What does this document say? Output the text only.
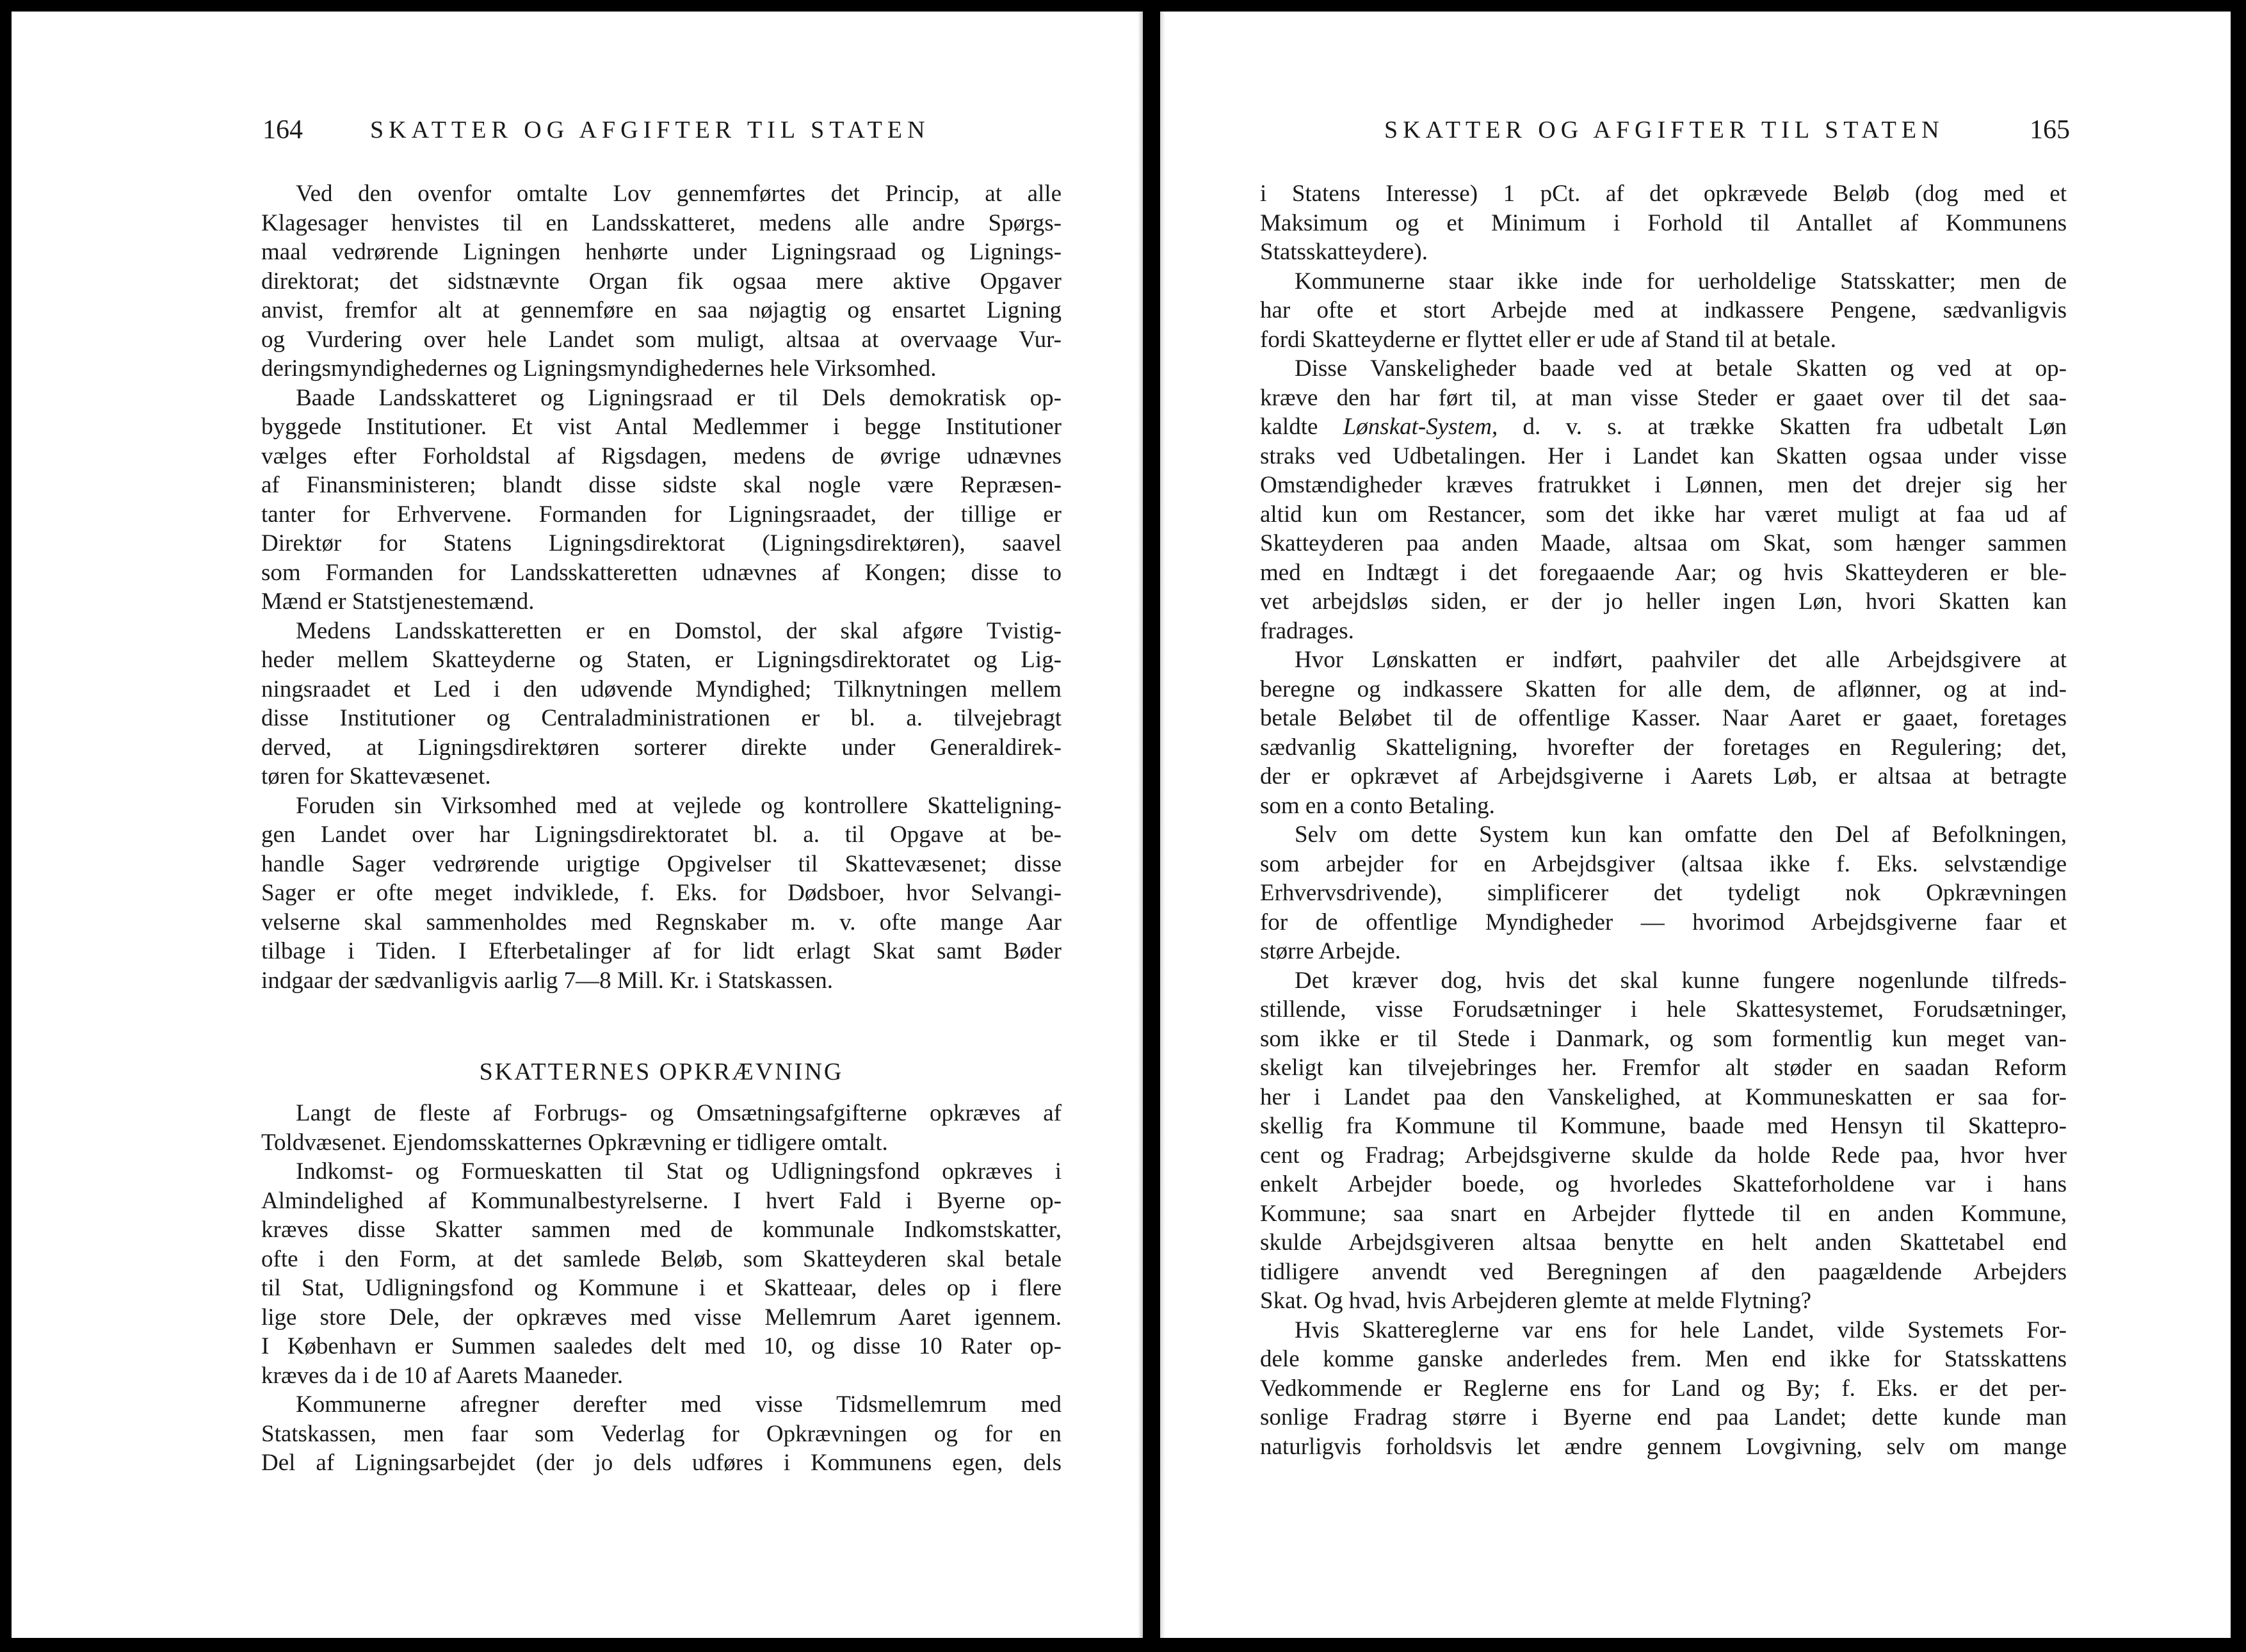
164	SKATTER OG AFGIFTER TIL STATEN
Ved den ovenfor omtalte Lov gennemførtes det Princip, at alle
Klagesager henvistes til en Landsskatteret, medens alle andre Spørgs-
maal vedrørende Ligningen henhørte under Ligningsraad og Lignings-
direktorat; det sidstnævnte Organ fik ogsaa mere aktive Opgaver
anvist, fremfor alt at gennemføre en saa nøjagtig og ensartet Ligning
og Vurdering over hele Landet som muligt, altsaa at overvaage Vur-
deringsmyndighedernes og Ligningsmyndighedernes hele Virksomhed.
Baade Landsskatteret og Ligningsraad er til Dels demokratisk op-
byggede Institutioner. Et vist Antal Medlemmer i begge Institutioner
vælges efter Forholdstal af Rigsdagen, medens de øvrige udnævnes
af Finansministeren; blandt disse sidste skal nogle være Repræsen-
tanter for Erhvervene. Formanden for Ligningsraadet, der tillige er
Direktør for Statens Ligningsdirektorat (Ligningsdirektøren), saavel
som Formanden for Landsskatteretten udnævnes af Kongen; disse to
Mænd er Statstjenestemænd.
Medens Landsskatteretten er en Domstol, der skal afgøre Tvistig-
heder mellem Skatteyderne og Staten, er Ligningsdirektoratet og Lig-
ningsraadet et Led i den udøvende Myndighed; Tilknytningen mellem
disse Institutioner og Centraladministrationen er bl. a. tilvejebragt
derved, at Ligningsdirektøren sorterer direkte under Generaldirek-
tøren for Skattevæsenet.
Foruden sin Virksomhed med at vejlede og kontrollere Skatteligning-
gen Landet over har Ligningsdirektoratet bl. a. til Opgave at be-
handle Sager vedrørende urigtige Opgivelser til Skattevæsenet; disse
Sager er ofte meget indviklede, f. Eks. for Dødsboer, hvor Selvangi-
velserne skal sammenholdes med Regnskaber m. v. ofte mange Aar
tilbage i Tiden. I Efterbetalinger af for lidt erlagt Skat samt Bøder
indgaar der sædvanligvis aarlig 7—8 Mill. Kr. i Statskassen.
SKATTERNES OPKRÆVNING
Langt de fleste af Forbrugs- og Omsætningsafgifterne opkræves af
Toldvæsenet. Ejendomsskatternes Opkrævning er tidligere omtalt.
Indkomst- og Formueskatten til Stat og Udligningsfond opkræves i
Almindelighed af Kommunalbestyrelserne. I hvert Fald i Byerne op-
kræves disse Skatter sammen med de kommunale Indkomstskatter,
ofte i den Form, at det samlede Beløb, som Skatteyderen skal betale
til Stat, Udligningsfond og Kommune i et Skatteaar, deles op i flere
lige store Dele, der opkræves med visse Mellemrum Aaret igennem.
I København er Summen saaledes delt med 10, og disse 10 Rater op-
kræves da i de 10 af Aarets Maaneder.
Kommunerne afregner derefter med visse Tidsmellemrum med
Statskassen, men faar som Vederlag for Opkrævningen og for en
Del af Ligningsarbejdet (der jo dels udføres i Kommunens egen, dels
SKATTER OG AFGIFTER TIL STATEN	165
i Statens Interesse) 1 pCt. af det opkrævede Beløb (dog med et
Maksimum og et Minimum i Forhold til Antallet af Kommunens
Statsskatteydere).
Kommunerne staar ikke inde for uerholdelige Statsskatter; men de
har ofte et stort Arbejde med at indkassere Pengene, sædvanligvis
fordi Skatteyderne er flyttet eller er ude af Stand til at betale.
Disse Vanskeligheder baade ved at betale Skatten og ved at op-
kræve den har ført til, at man visse Steder er gaaet over til det saa-
kaldte Lønskat-System, d. v. s. at trække Skatten fra udbetalt Løn
straks ved Udbetalingen. Her i Landet kan Skatten ogsaa under visse
Omstændigheder kræves fratrukket i Lønnen, men det drejer sig her
altid kun om Restancer, som det ikke har været muligt at faa ud af
Skatteyderen paa anden Maade, altsaa om Skat, som hænger sammen
med en Indtægt i det foregaaende Aar; og hvis Skatteyderen er ble-
vet arbejdsløs siden, er der jo heller ingen Løn, hvori Skatten kan
fradrages.
Hvor Lønskatten er indført, paahviler det alle Arbejdsgivere at
beregne og indkassere Skatten for alle dem, de aflønner, og at ind-
betale Beløbet til de offentlige Kasser. Naar Aaret er gaaet, foretages
sædvanlig Skatteligning, hvorefter der foretages en Regulering; det,
der er opkrævet af Arbejdsgiverne i Aarets Løb, er altsaa at betragte
som en a conto Betaling.
Selv om dette System kun kan omfatte den Del af Befolkningen,
som arbejder for en Arbejdsgiver (altsaa ikke f. Eks. selvstændige
Erhvervsdrivende), simplificerer det tydeligt nok Opkrævningen
for de offentlige Myndigheder — hvorimod Arbejdsgiverne faar et
større Arbejde.
Det kræver dog, hvis det skal kunne fungere nogenlunde tilfreds-
stillende, visse Forudsætninger i hele Skattesystemet, Forudsætninger,
som ikke er til Stede i Danmark, og som formentlig kun meget van-
skeligt kan tilvejebringes her. Fremfor alt støder en saadan Reform
her i Landet paa den Vanskelighed, at Kommuneskatten er saa for-
skellig fra Kommune til Kommune, baade med Hensyn til Skattepro-
cent og Fradrag; Arbejdsgiverne skulde da holde Rede paa, hvor hver
enkelt Arbejder boede, og hvorledes Skatteforholdene var i hans
Kommune; saa snart en Arbejder flyttede til en anden Kommune,
skulde Arbejdsgiveren altsaa benytte en helt anden Skattetabel end
tidligere anvendt ved Beregningen af den paagældende Arbejders
Skat. Og hvad, hvis Arbejderen glemte at melde Flytning?
Hvis Skattereglerne var ens for hele Landet, vilde Systemets For-
dele komme ganske anderledes frem. Men end ikke for Statsskattens
Vedkommende er Reglerne ens for Land og By; f. Eks. er det per-
sonlige Fradrag større i Byerne end paa Landet; dette kunde man
naturligvis forholdsvis let ændre gennem Lovgivning, selv om mange
